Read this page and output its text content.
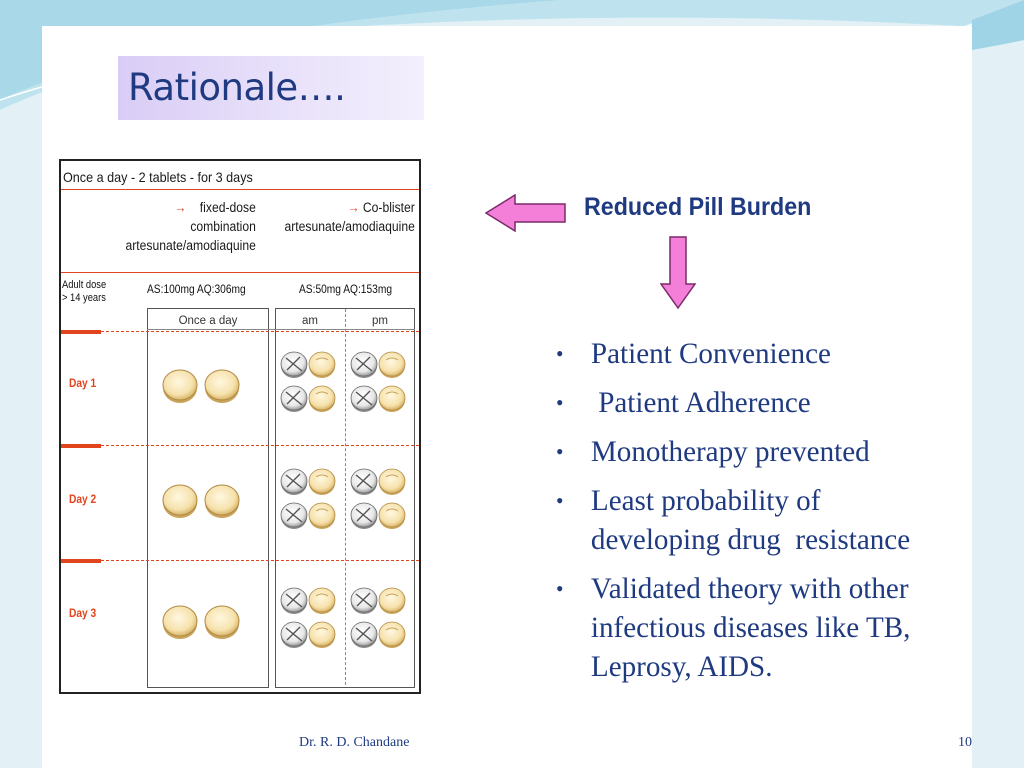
Rationale….
Once a day - 2 tablets - for 3 days
→ fixed-dose
combination
artesunate/amodiaquine
→ Co-blister
artesunate/amodiaquine
Adult dose
> 14 years
AS:100mg AQ:306mg	AS:50mg AQ:153mg
Once a day	am	pm
Day 1
Day 2
Day 3
Reduced Pill Burden
• Patient Convenience
• Patient Adherence
• Monotherapy prevented
• Least probability of developing drug  resistance
• Validated theory with other infectious diseases like TB, Leprosy, AIDS.
Dr. R. D. Chandane	10
